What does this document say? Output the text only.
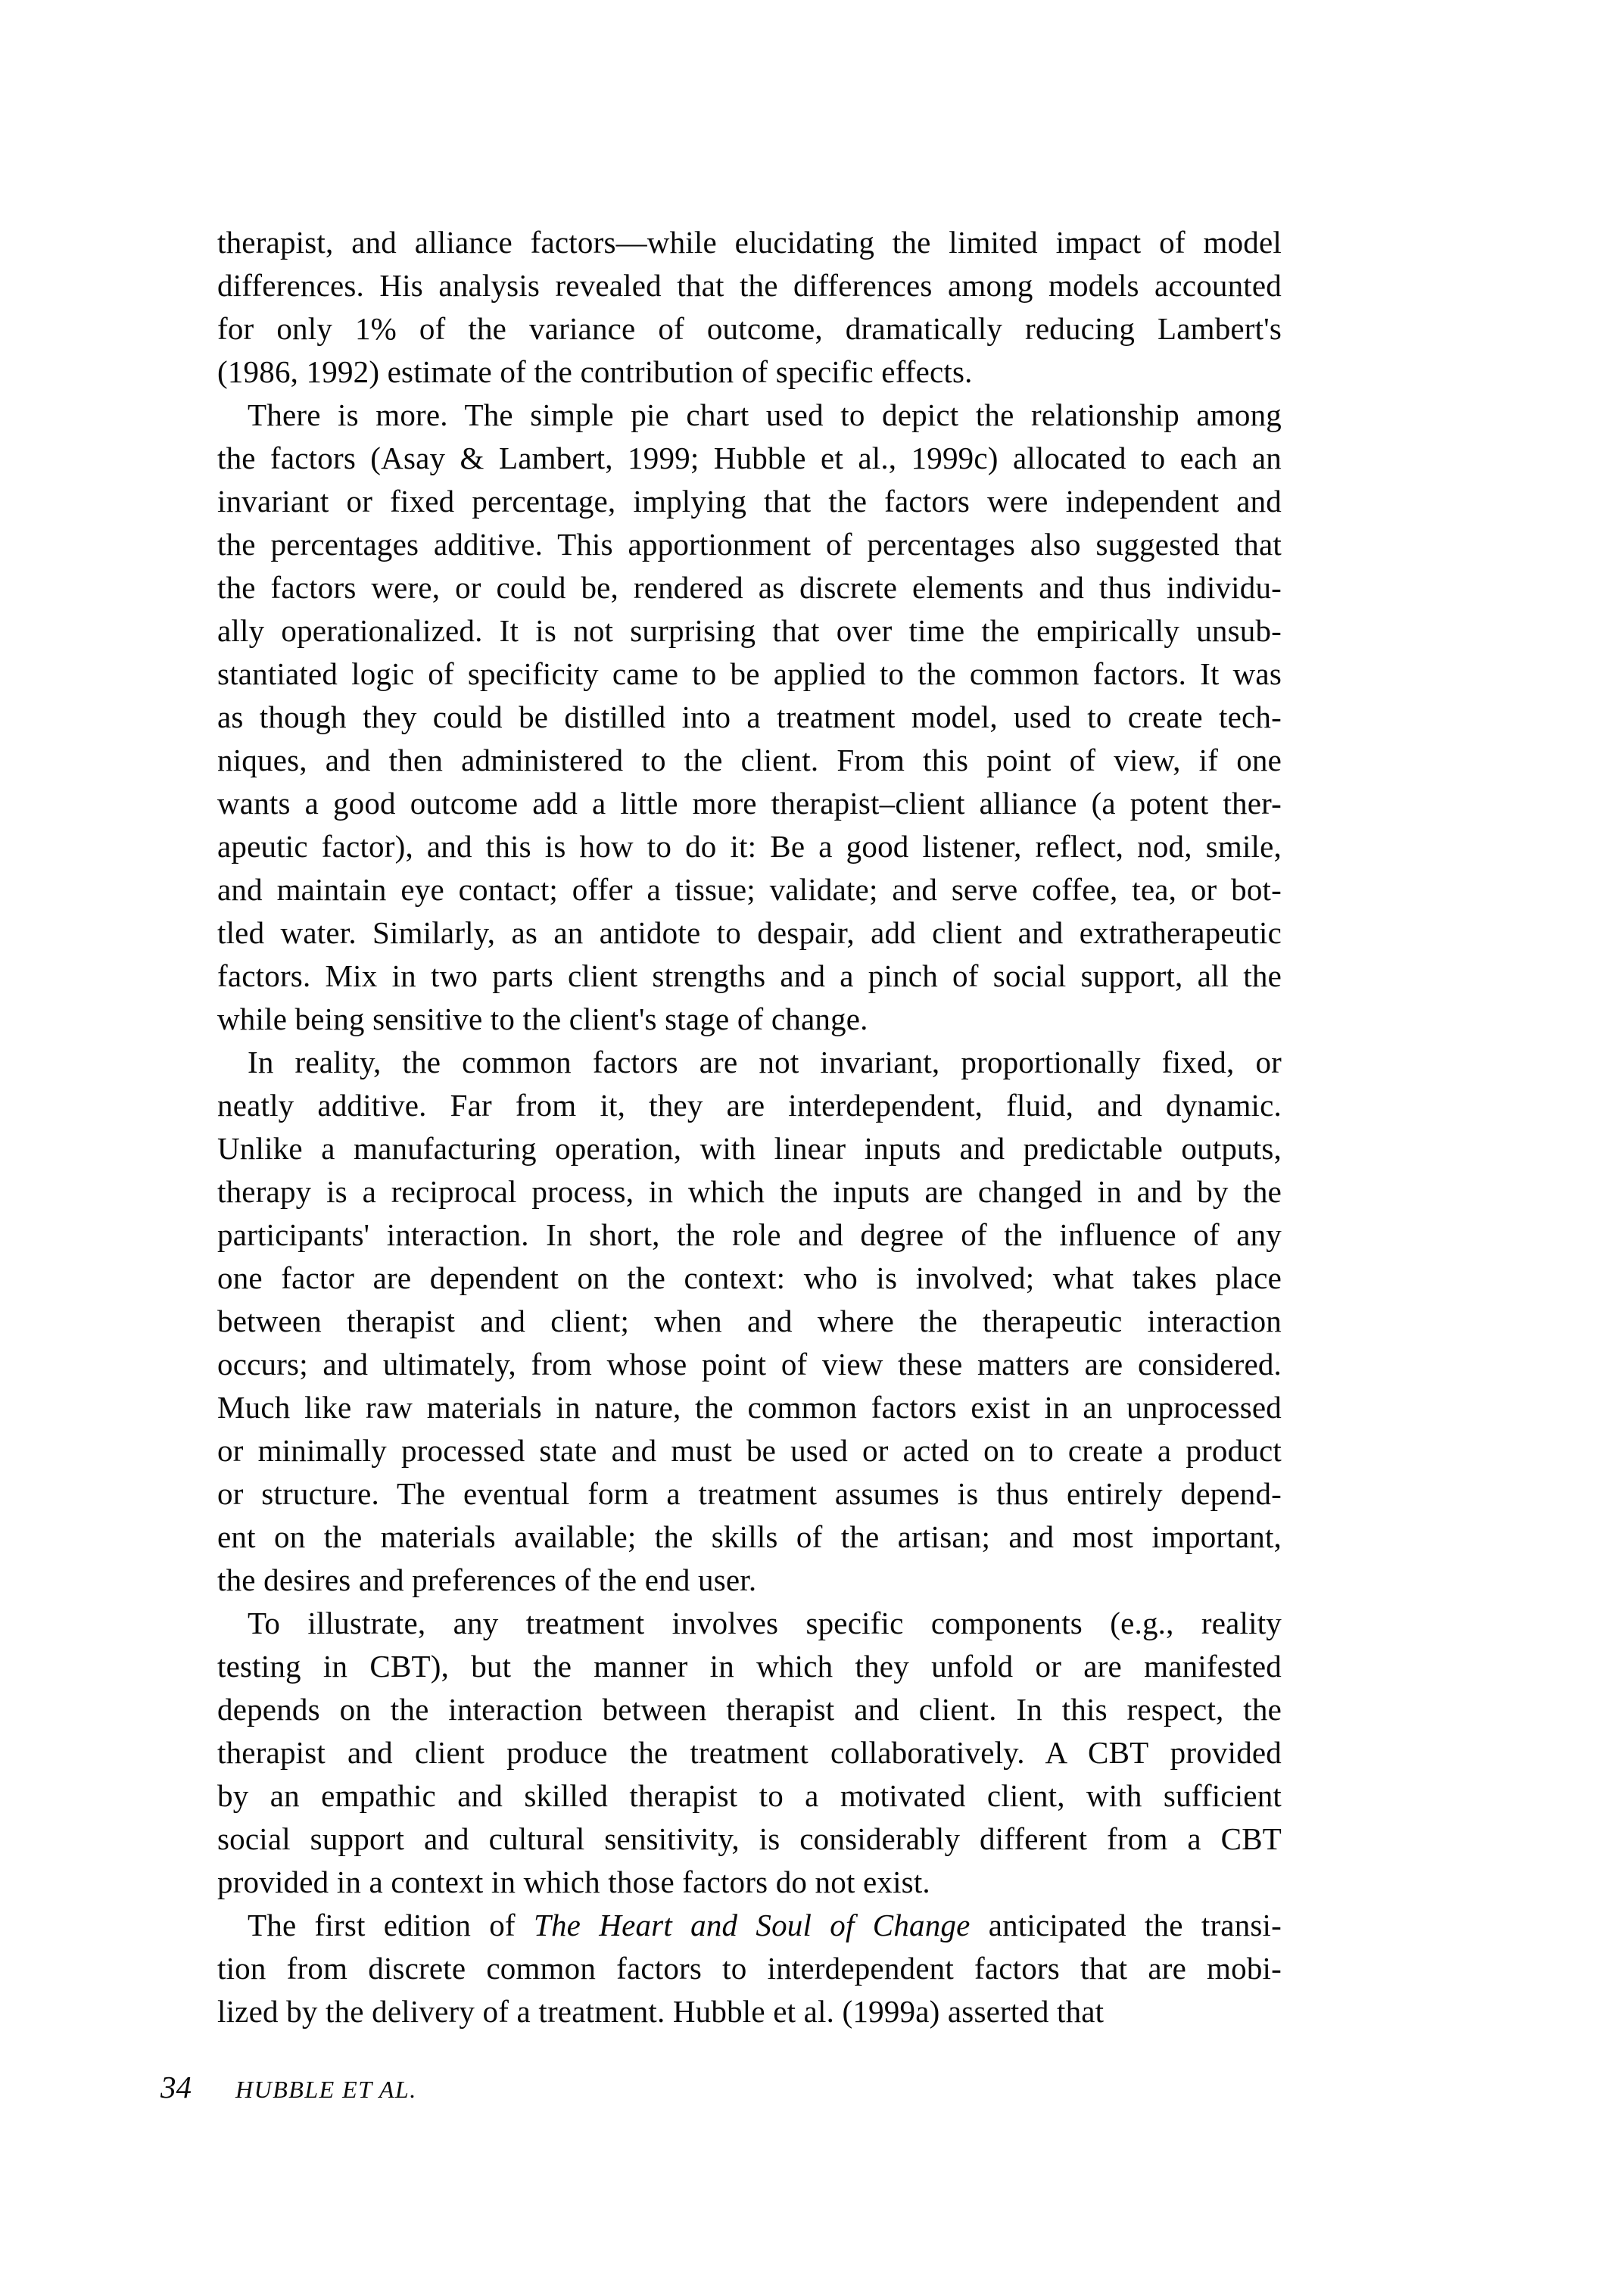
therapist, and alliance factors—while elucidating the limited impact of model
differences. His analysis revealed that the differences among models accounted
for only 1% of the variance of outcome, dramatically reducing Lambert's
(1986, 1992) estimate of the contribution of specific effects.
There is more. The simple pie chart used to depict the relationship among
the factors (Asay & Lambert, 1999; Hubble et al., 1999c) allocated to each an
invariant or fixed percentage, implying that the factors were independent and
the percentages additive. This apportionment of percentages also suggested that
the factors were, or could be, rendered as discrete elements and thus individu-
ally operationalized. It is not surprising that over time the empirically unsub-
stantiated logic of specificity came to be applied to the common factors. It was
as though they could be distilled into a treatment model, used to create tech-
niques, and then administered to the client. From this point of view, if one
wants a good outcome add a little more therapist–client alliance (a potent ther-
apeutic factor), and this is how to do it: Be a good listener, reflect, nod, smile,
and maintain eye contact; offer a tissue; validate; and serve coffee, tea, or bot-
tled water. Similarly, as an antidote to despair, add client and extratherapeutic
factors. Mix in two parts client strengths and a pinch of social support, all the
while being sensitive to the client's stage of change.
In reality, the common factors are not invariant, proportionally fixed, or
neatly additive. Far from it, they are interdependent, fluid, and dynamic.
Unlike a manufacturing operation, with linear inputs and predictable outputs,
therapy is a reciprocal process, in which the inputs are changed in and by the
participants' interaction. In short, the role and degree of the influence of any
one factor are dependent on the context: who is involved; what takes place
between therapist and client; when and where the therapeutic interaction
occurs; and ultimately, from whose point of view these matters are considered.
Much like raw materials in nature, the common factors exist in an unprocessed
or minimally processed state and must be used or acted on to create a product
or structure. The eventual form a treatment assumes is thus entirely depend-
ent on the materials available; the skills of the artisan; and most important,
the desires and preferences of the end user.
To illustrate, any treatment involves specific components (e.g., reality
testing in CBT), but the manner in which they unfold or are manifested
depends on the interaction between therapist and client. In this respect, the
therapist and client produce the treatment collaboratively. A CBT provided
by an empathic and skilled therapist to a motivated client, with sufficient
social support and cultural sensitivity, is considerably different from a CBT
provided in a context in which those factors do not exist.
The first edition of The Heart and Soul of Change anticipated the transi-
tion from discrete common factors to interdependent factors that are mobi-
lized by the delivery of a treatment. Hubble et al. (1999a) asserted that
34 HUBBLE ET AL.
